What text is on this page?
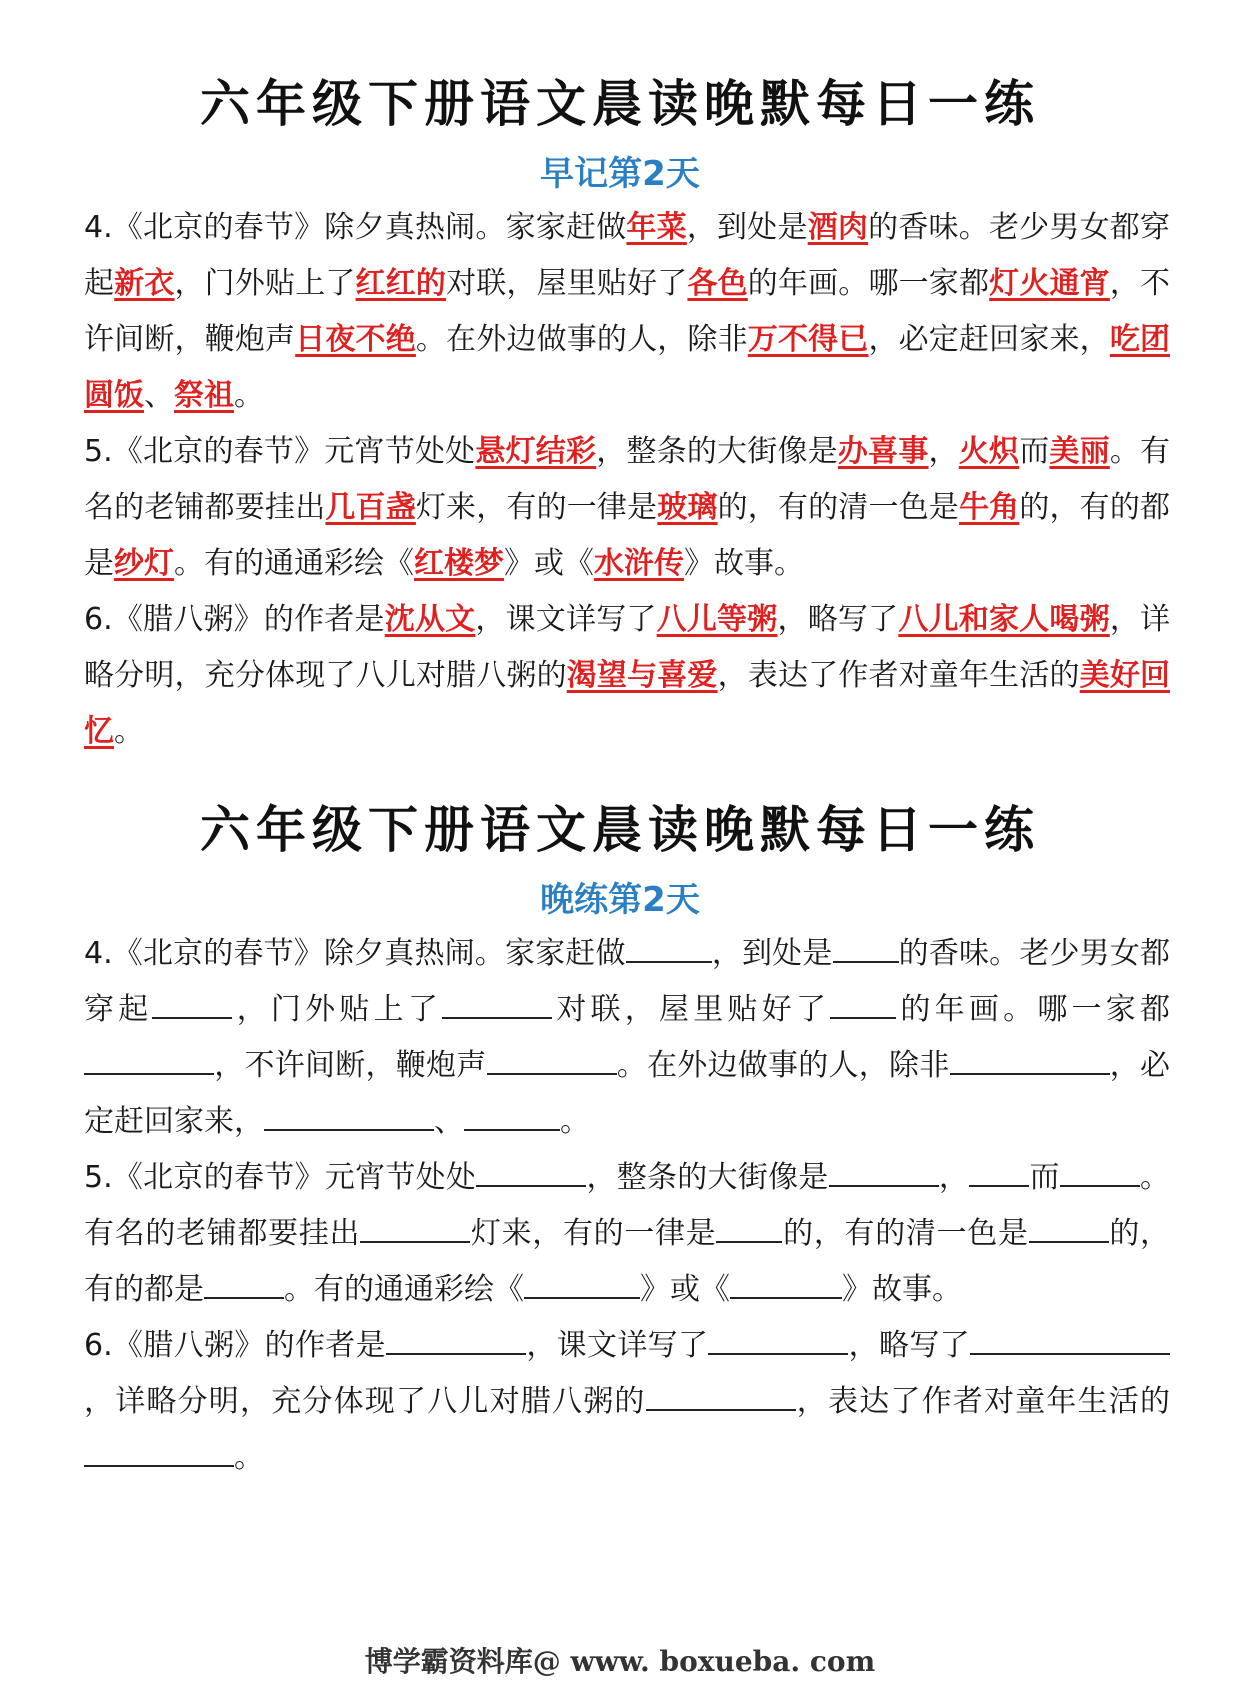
六年级下册语文晨读晚默每日一练
早记第2天

4.《北京的春节》除夕真热闹。家家赶做年菜，到处是酒肉的香味。老少男女都穿起新衣，门外贴上了红红的对联，屋里贴好了各色的年画。哪一家都灯火通宵，不许间断，鞭炮声日夜不绝。在外边做事的人，除非万不得已，必定赶回家来，吃团圆饭、祭祖。

5.《北京的春节》元宵节处处悬灯结彩，整条的大街像是办喜事，火炽而美丽。有名的老铺都要挂出几百盏灯来，有的一律是玻璃的，有的清一色是牛角的，有的都是纱灯。有的通通彩绘《红楼梦》或《水浒传》故事。

6.《腊八粥》的作者是沈从文，课文详写了八儿等粥，略写了八儿和家人喝粥，详略分明，充分体现了八儿对腊八粥的渴望与喜爱，表达了作者对童年生活的美好回忆。

六年级下册语文晨读晚默每日一练
晚练第2天

4.《北京的春节》除夕真热闹。家家赶做	，到处是 的香味。老少男女都穿起	，门外贴上了	对联，屋里贴好了 的年画。哪一家都，不许间断，鞭炮声	。在外边做事的人，除非	，必定赶回家来，	、	。

5.《北京的春节》元宵节处处	，整条的大街像是	， 而	。有名的老铺都要挂出	灯来，有的一律是 的，有的清一色是	的，有的都是	。有的通通彩绘《	》或《	》故事。

6.《腊八粥》的作者是	，课文详写了	，略写了，详略分明，充分体现了八儿对腊八粥的	，表达了作者对童年生活的。

博学霸资料库@ www. boxueba. com
